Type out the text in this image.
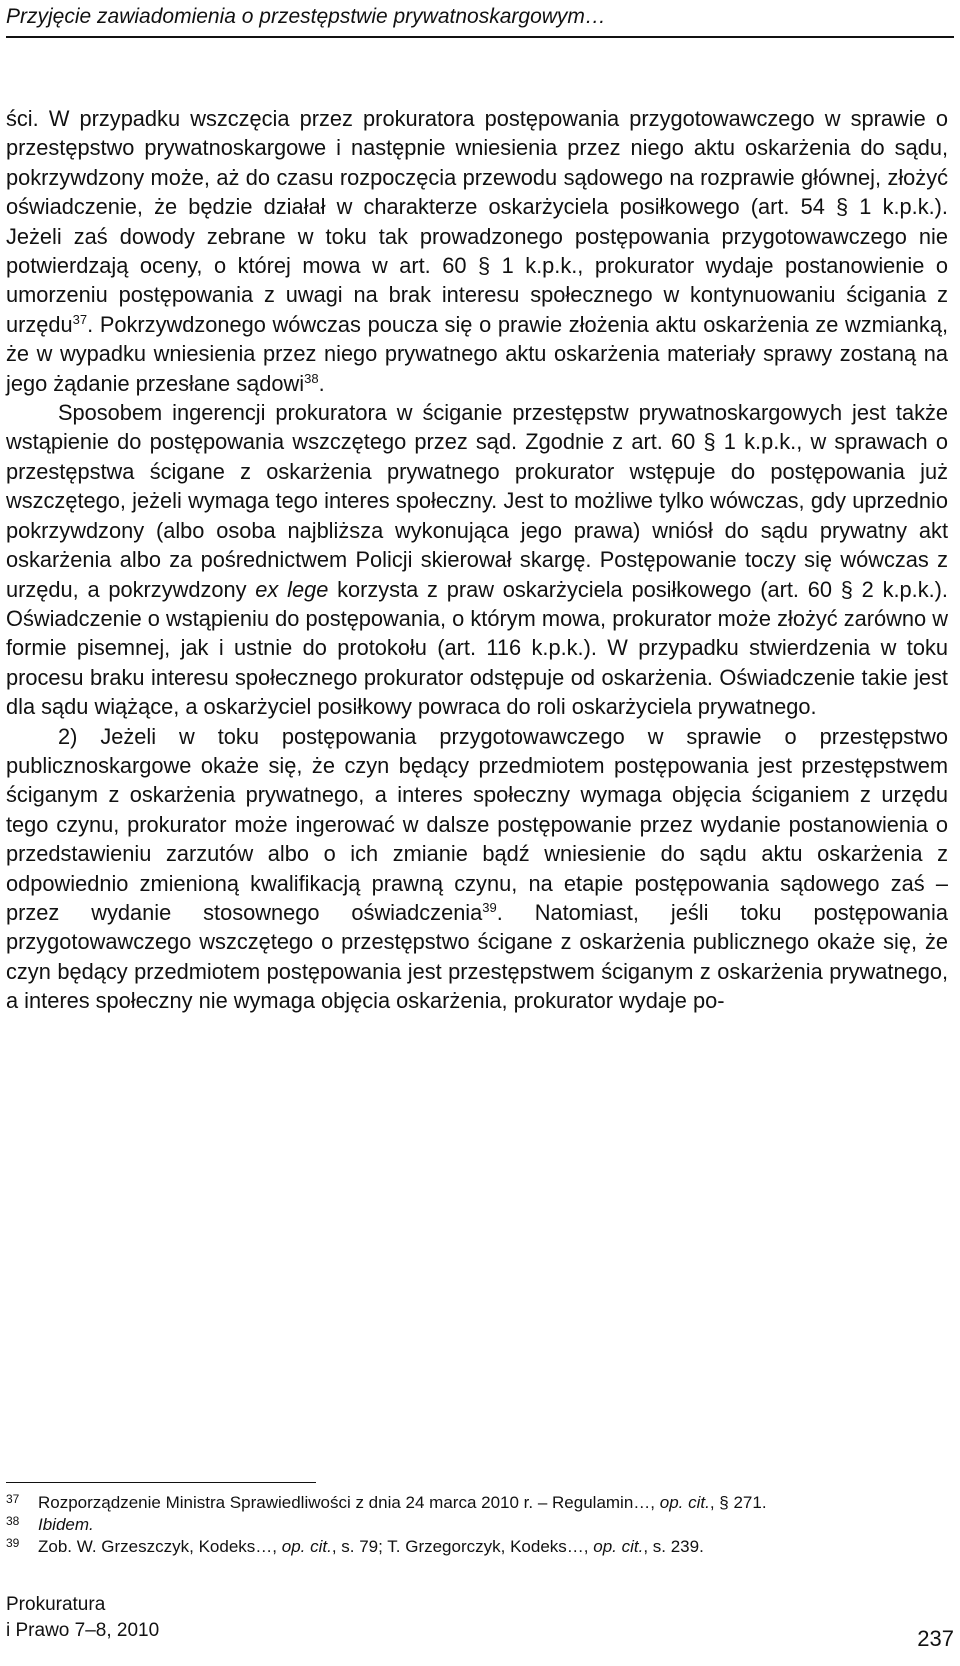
Przyjęcie zawiadomienia o przestępstwie prywatnoskargowym…

ści. W przypadku wszczęcia przez prokuratora postępowania przygotowawczego w sprawie o przestępstwo prywatnoskargowe i następnie wniesienia przez niego aktu oskarżenia do sądu, pokrzywdzony może, aż do czasu rozpoczęcia przewodu sądowego na rozprawie głównej, złożyć oświadczenie, że będzie działał w charakterze oskarżyciela posiłkowego (art. 54 § 1 k.p.k.). Jeżeli zaś dowody zebrane w toku tak prowadzonego postępowania przygotowawczego nie potwierdzają oceny, o której mowa w art. 60 § 1 k.p.k., prokurator wydaje postanowienie o umorzeniu postępowania z uwagi na brak interesu społecznego w kontynuowaniu ścigania z urzędu$^{37}$. Pokrzywdzonego wówczas poucza się o prawie złożenia aktu oskarżenia ze wzmianką, że w wypadku wniesienia przez niego prywatnego aktu oskarżenia materiały sprawy zostaną na jego żądanie przesłane sądowi$^{38}$.

Sposobem ingerencji prokuratora w ściganie przestępstw prywatnoskargowych jest także wstąpienie do postępowania wszczętego przez sąd. Zgodnie z art. 60 § 1 k.p.k., w sprawach o przestępstwa ścigane z oskarżenia prywatnego prokurator wstępuje do postępowania już wszczętego, jeżeli wymaga tego interes społeczny. Jest to możliwe tylko wówczas, gdy uprzednio pokrzywdzony (albo osoba najbliższa wykonująca jego prawa) wniósł do sądu prywatny akt oskarżenia albo za pośrednictwem Policji skierował skargę. Postępowanie toczy się wówczas z urzędu, a pokrzywdzony ex lege korzysta z praw oskarżyciela posiłkowego (art. 60 § 2 k.p.k.). Oświadczenie o wstąpieniu do postępowania, o którym mowa, prokurator może złożyć zarówno w formie pisemnej, jak i ustnie do protokołu (art. 116 k.p.k.). W przypadku stwierdzenia w toku procesu braku interesu społecznego prokurator odstępuje od oskarżenia. Oświadczenie takie jest dla sądu wiążące, a oskarżyciel posiłkowy powraca do roli oskarżyciela prywatnego.

2) Jeżeli w toku postępowania przygotowawczego w sprawie o przestępstwo publicznoskargowe okaże się, że czyn będący przedmiotem postępowania jest przestępstwem ściganym z oskarżenia prywatnego, a interes społeczny wymaga objęcia ściganiem z urzędu tego czynu, prokurator może ingerować w dalsze postępowanie przez wydanie postanowienia o przedstawieniu zarzutów albo o ich zmianie bądź wniesienie do sądu aktu oskarżenia z odpowiednio zmienioną kwalifikacją prawną czynu, na etapie postępowania sądowego zaś – przez wydanie stosownego oświadczenia$^{39}$. Natomiast, jeśli toku postępowania przygotowawczego wszczętego o przestępstwo ścigane z oskarżenia publicznego okaże się, że czyn będący przedmiotem postępowania jest przestępstwem ściganym z oskarżenia prywatnego, a interes społeczny nie wymaga objęcia oskarżenia, prokurator wydaje po-

37 Rozporządzenie Ministra Sprawiedliwości z dnia 24 marca 2010 r. – Regulamin…, op. cit., § 271.
38 Ibidem.
39 Zob. W. Grzeszczyk, Kodeks…, op. cit., s. 79; T. Grzegorczyk, Kodeks…, op. cit., s. 239.
Prokuratura
i Prawo 7–8, 2010	237
